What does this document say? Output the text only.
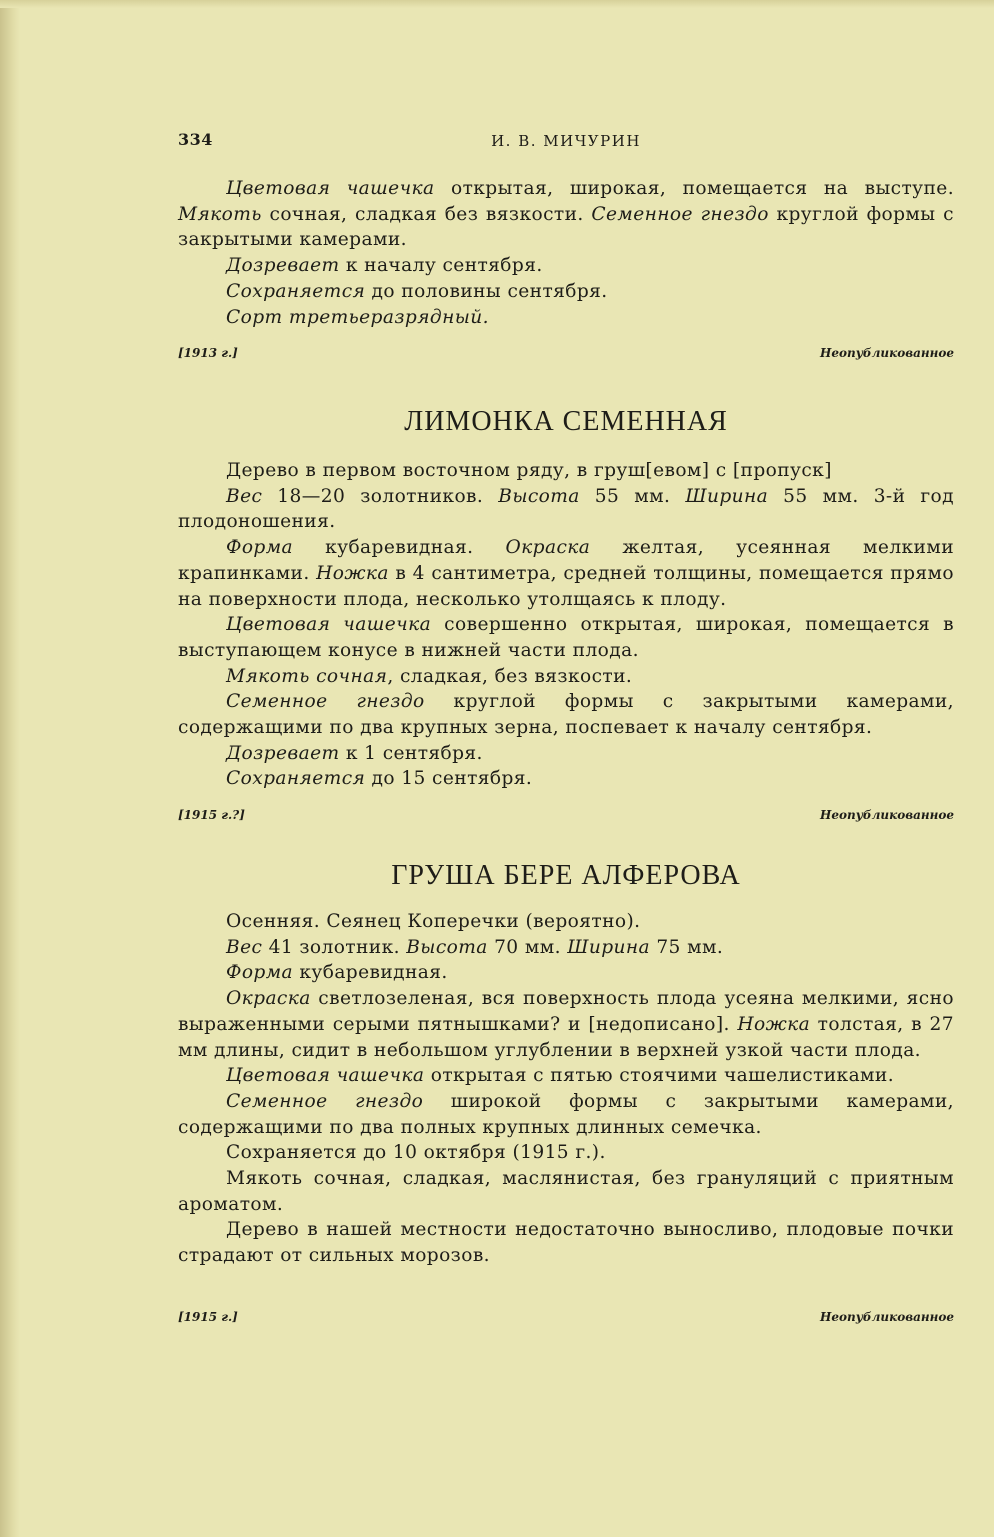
334	И. В. МИЧУРИН

Цветовая чашечка открытая, широкая, помещается на выступе. Мякоть сочная, сладкая без вязкости. Семенное гнездо круглой формы с закрытыми камерами.

Дозревает к началу сентября.

Сохраняется до половины сентября.

Сорт третьеразрядный.

[1913 г.]	Неопубликованное
ЛИМОНКА СЕМЕННАЯ

Дерево в первом восточном ряду, в груш[евом] с [пропуск]

Вес 18—20 золотников. Высота 55 мм. Ширина 55 мм. 3-й год плодоношения.

Форма кубаревидная. Окраска желтая, усеянная мелкими крапинками. Ножка в 4 сантиметра, средней толщины, помещается прямо на поверхности плода, несколько утолщаясь к плоду.

Цветовая чашечка совершенно открытая, широкая, помещается в выступающем конусе в нижней части плода.

Мякоть сочная, сладкая, без вязкости.

Семенное гнездо круглой формы с закрытыми камерами, содержащими по два крупных зерна, поспевает к началу сентября.

Дозревает к 1 сентября.

Сохраняется до 15 сентября.

[1915 г.?]	Неопубликованное
ГРУША БЕРЕ АЛФЕРОВА

Осенняя. Сеянец Коперечки (вероятно).

Вес 41 золотник. Высота 70 мм. Ширина 75 мм.

Форма кубаревидная.

Окраска светлозеленая, вся поверхность плода усеяна мелкими, ясно выраженными серыми пятнышками? и [недописано]. Ножка толстая, в 27 мм длины, сидит в небольшом углублении в верхней узкой части плода.

Цветовая чашечка открытая с пятью стоячими чашелистиками.

Семенное гнездо широкой формы с закрытыми камерами, содержащими по два полных крупных длинных семечка.

Сохраняется до 10 октября (1915 г.).

Мякоть сочная, сладкая, маслянистая, без грануляций с приятным ароматом.

Дерево в нашей местности недостаточно выносливо, плодовые почки страдают от сильных морозов.

[1915 г.]	Неопубликованное
